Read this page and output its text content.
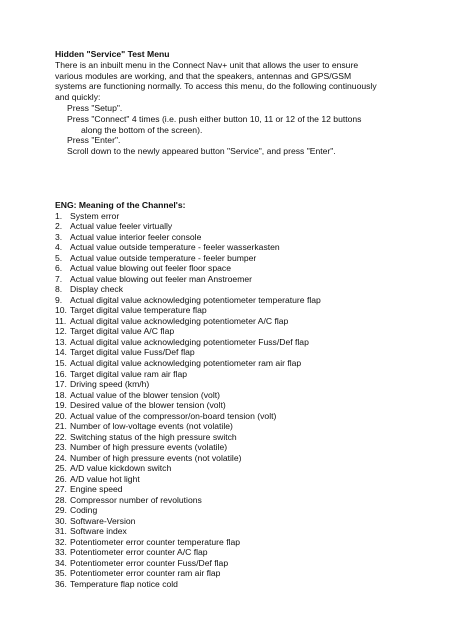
Hidden "Service" Test Menu
There is an inbuilt menu in the Connect Nav+ unit that allows the user to ensure
various modules are working, and that the speakers, antennas and GPS/GSM
systems are functioning normally. To access this menu, do the following continuously
and quickly:
Press "Setup".
Press "Connect" 4 times (i.e. push either button 10, 11 or 12 of the 12 buttons
along the bottom of the screen).
Press "Enter".
Scroll down to the newly appeared button "Service", and press "Enter".
ENG: Meaning of the Channel's:
1. System error
2. Actual value feeler virtually
3. Actual value interior feeler console
4. Actual value outside temperature - feeler wasserkasten
5. Actual value outside temperature - feeler bumper
6. Actual value blowing out feeler floor space
7. Actual value blowing out feeler man Anstroemer
8. Display check
9. Actual digital value acknowledging potentiometer temperature flap
10. Target digital value temperature flap
11. Actual digital value acknowledging potentiometer A/C flap
12. Target digital value A/C flap
13. Actual digital value acknowledging potentiometer Fuss/Def flap
14. Target digital value Fuss/Def flap
15. Actual digital value acknowledging potentiometer ram air flap
16. Target digital value ram air flap
17. Driving speed (km/h)
18. Actual value of the blower tension (volt)
19. Desired value of the blower tension (volt)
20. Actual value of the compressor/on-board tension (volt)
21. Number of low-voltage events (not volatile)
22. Switching status of the high pressure switch
23. Number of high pressure events (volatile)
24. Number of high pressure events (not volatile)
25. A/D value kickdown switch
26. A/D value hot light
27. Engine speed
28. Compressor number of revolutions
29. Coding
30. Software-Version
31. Software index
32. Potentiometer error counter temperature flap
33. Potentiometer error counter A/C flap
34. Potentiometer error counter Fuss/Def flap
35. Potentiometer error counter ram air flap
36. Temperature flap notice cold
